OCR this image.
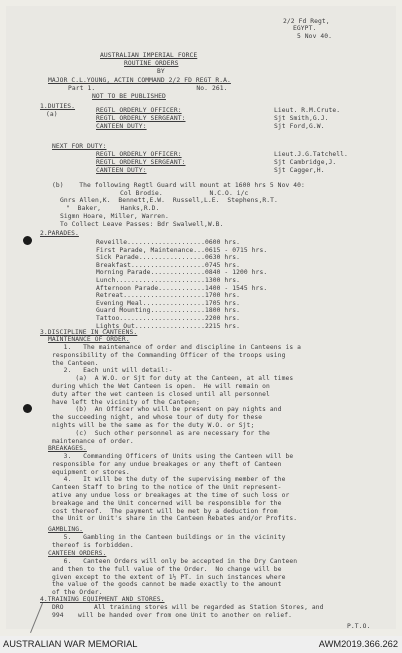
2/2 Fd Regt,
EGYPT.
5 Nov 40.
AUSTRALIAN IMPERIAL FORCE
ROUTINE ORDERS
BY
MAJOR C.L.YOUNG, ACTIN COMMAND 2/2 FD REGT R.A.
Part 1.                          No. 261.
NOT TO BE PUBLISHED
1.DUTIES.
(a)
REGTL ORDERLY OFFICER:	Lieut. R.M.Crute.
REGTL ORDERLY SERGEANT:	Sjt Smith,G.J.
CANTEEN DUTY:	Sjt Ford,G.W.
NEXT FOR DUTY:
REGTL ORDERLY OFFICER:	Lieut.J.G.Tatchell.
REGTL ORDERLY SERGEANT:	Sjt Cambridge,J.
CANTEEN DUTY:	Sjt Cagger,H.
(b)    The following Regtl Guard will mount at 1600 hrs 5 Nov 40:
Col Brodie.            N.C.O. i/c
Gnrs Allen,K.  Bennett,E.W.  Russell,L.E.  Stephens,R.T.
"  Baker,     Hanks,R.D.
Sigmn Hoare, Miller, Warren.
To Collect Leave Passes: Bdr Swalwell,W.B.
2.PARADES.
Reveille....................0600 hrs.
First Parade, Maintenance...0615 - 0715 hrs.
Sick Parade.................0630 hrs.
Breakfast...................0745 hrs.
Morning Parade..............0840 - 1200 hrs.
Lunch.......................1300 hrs.
Afternoon Parade............1400 - 1545 hrs.
Retreat.....................1700 hrs.
Evening Meal................1705 hrs.
Guard Mounting..............1800 hrs.
Tattoo......................2200 hrs.
Lights Out..................2215 hrs.
3.DISCIPLINE IN CANTEENS.
MAINTENANCE OF ORDER.
1.   The maintenance of order and discipline in Canteens is a
responsibility of the Commanding Officer of the troops using
the Canteen.
2.   Each unit will detail:-
(a)  A W.O. or Sjt for duty at the Canteen, at all times
during which the Wet Canteen is open.  He will remain on
duty after the wet canteen is closed until all personnel
have left the vicinity of the Canteen;
(b)  An Officer who will be present on pay nights and
the succeeding night, and whose tour of duty for these
nights will be the same as for the duty W.O. or Sjt;
(c)  Such other personnel as are necessary for the
maintenance of order.
BREAKAGES.
3.   Commanding Officers of Units using the Canteen will be
responsible for any undue breakages or any theft of Canteen
equipment or stores.
4.   It will be the duty of the supervising member of the
Canteen Staff to bring to the notice of the Unit represent-
ative any undue loss or breakages at the time of such loss or
breakage and the Unit concerned will be responsible for the
cost thereof.  The payment will be met by a deduction from
the Unit or Unit's share in the Canteen Rebates and/or Profits.
GAMBLING.
5.   Gambling in the Canteen buildings or in the vicinity
thereof is forbidden.
CANTEEN ORDERS.
6.   Canteen Orders will only be accepted in the Dry Canteen
and then to the full value of the Order.  No change will be
given except to the extent of 1½ PT. in such instances where
the value of the goods cannot be made exactly to the amount
of the Order.
4.TRAINING EQUIPMENT AND STORES.
DRO
994
All training stores will be regarded as Station Stores, and
will be handed over from one Unit to another on relief.
P.T.O.
AUSTRALIAN WAR MEMORIAL	AWM2019.366.262
